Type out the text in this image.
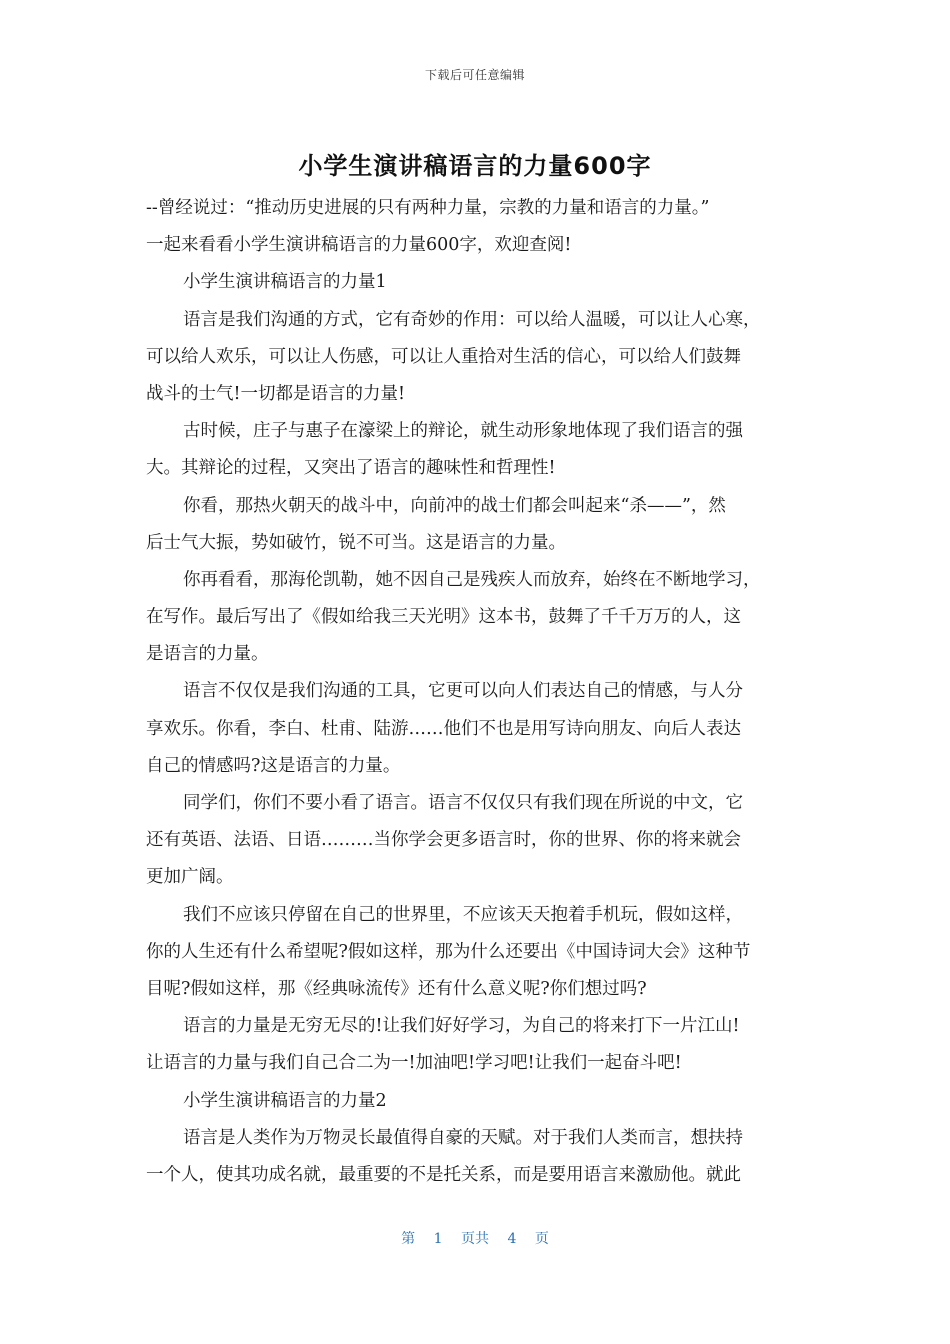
下载后可任意编辑
小学生演讲稿语言的力量600字
--曾经说过：“推动历史进展的只有两种力量，宗教的力量和语言的力量。”
一起来看看小学生演讲稿语言的力量600字，欢迎查阅!
小学生演讲稿语言的力量1
语言是我们沟通的方式，它有奇妙的作用：可以给人温暖，可以让人心寒，
可以给人欢乐，可以让人伤感，可以让人重拾对生活的信心，可以给人们鼓舞
战斗的士气!一切都是语言的力量!
古时候，庄子与惠子在濠梁上的辩论，就生动形象地体现了我们语言的强
大。其辩论的过程，又突出了语言的趣味性和哲理性!
你看，那热火朝天的战斗中，向前冲的战士们都会叫起来“杀——”，然
后士气大振，势如破竹，锐不可当。这是语言的力量。
你再看看，那海伦凯勒，她不因自己是残疾人而放弃，始终在不断地学习，
在写作。最后写出了《假如给我三天光明》这本书，鼓舞了千千万万的人，这
是语言的力量。
语言不仅仅是我们沟通的工具，它更可以向人们表达自己的情感，与人分
享欢乐。你看，李白、杜甫、陆游……他们不也是用写诗向朋友、向后人表达
自己的情感吗?这是语言的力量。
同学们，你们不要小看了语言。语言不仅仅只有我们现在所说的中文，它
还有英语、法语、日语………当你学会更多语言时，你的世界、你的将来就会
更加广阔。
我们不应该只停留在自己的世界里，不应该天天抱着手机玩，假如这样，
你的人生还有什么希望呢?假如这样，那为什么还要出《中国诗词大会》这种节
目呢?假如这样，那《经典咏流传》还有什么意义呢?你们想过吗?
语言的力量是无穷无尽的!让我们好好学习，为自己的将来打下一片江山!
让语言的力量与我们自己合二为一!加油吧!学习吧!让我们一起奋斗吧!
小学生演讲稿语言的力量2
语言是人类作为万物灵长最值得自豪的天赋。对于我们人类而言，想扶持
一个人，使其功成名就，最重要的不是托关系，而是要用语言来激励他。就此
第 1 页共 4 页
